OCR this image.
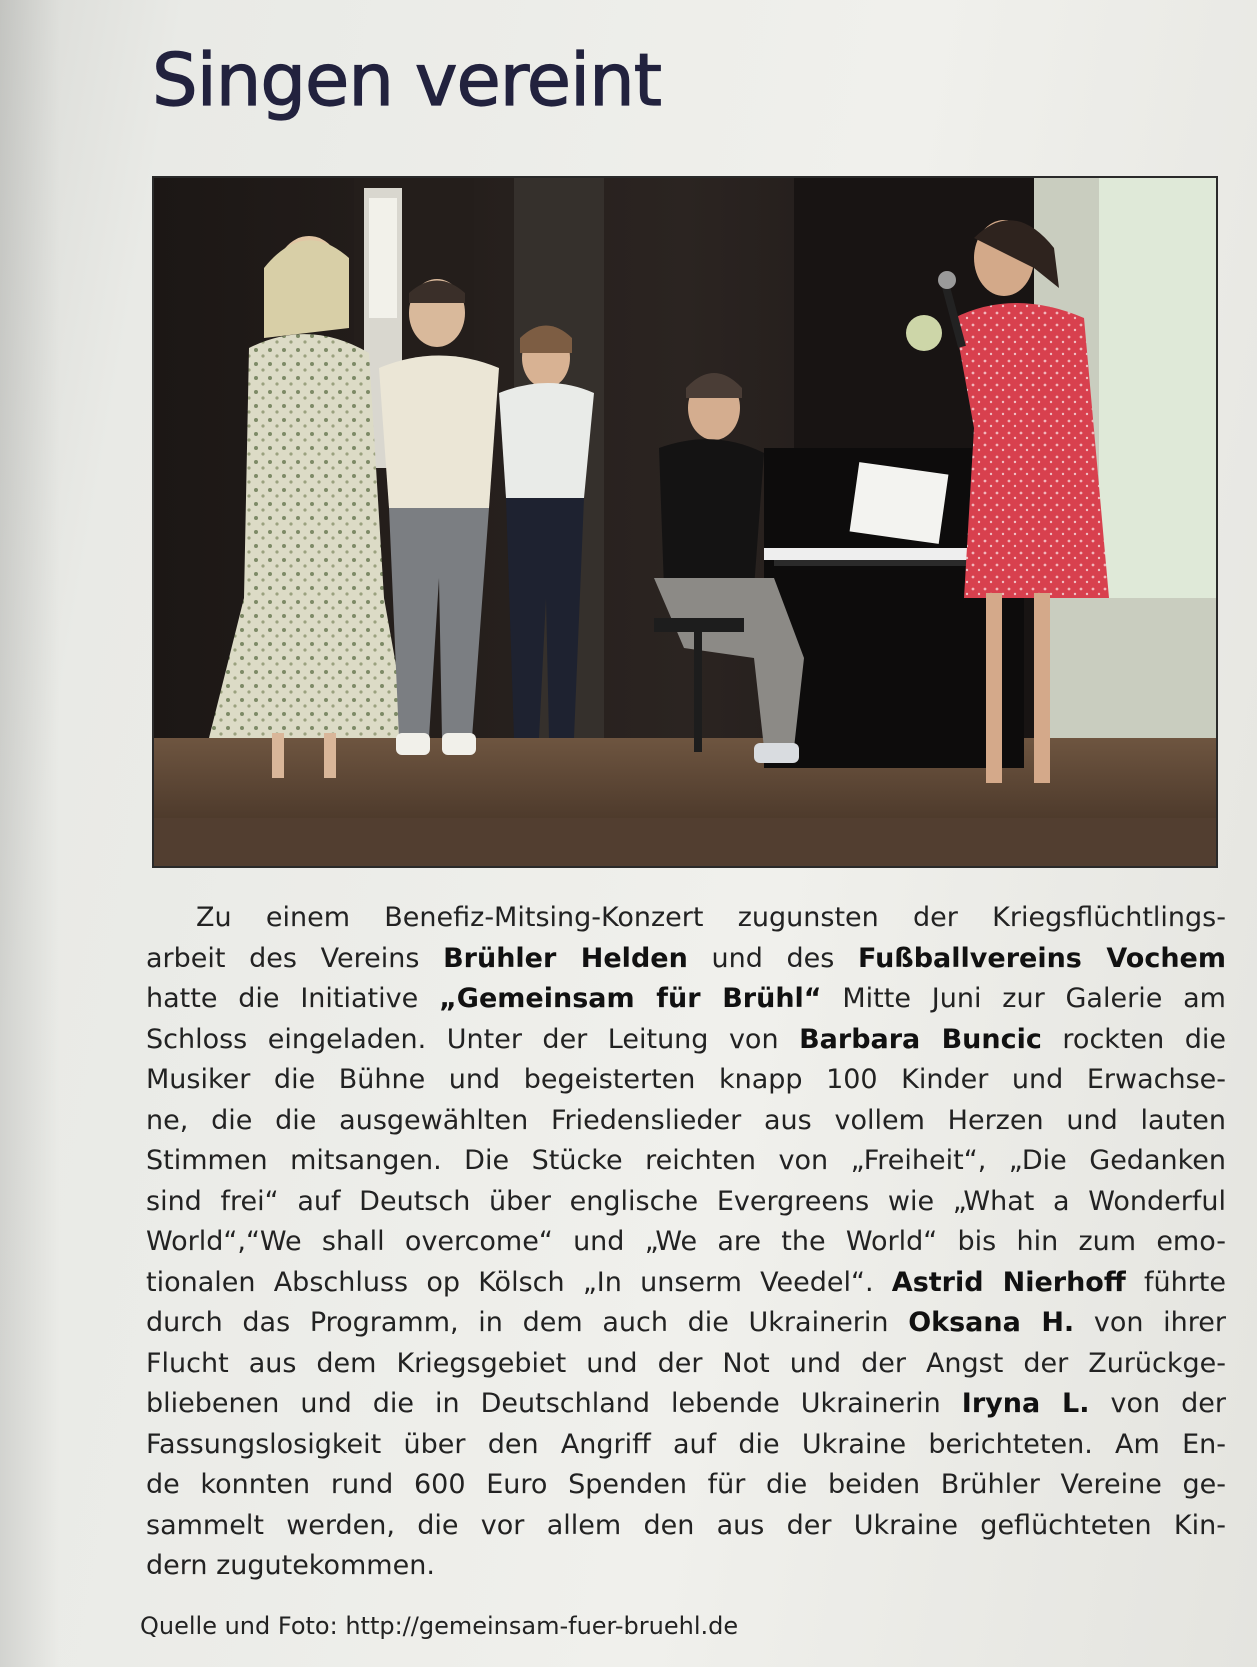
Singen vereint
Zu einem Benefiz-Mitsing-Konzert zugunsten der Kriegsflüchtlings-
arbeit des Vereins Brühler Helden und des Fußballvereins Vochem
hatte die Initiative „Gemeinsam für Brühl“ Mitte Juni zur Galerie am
Schloss eingeladen. Unter der Leitung von Barbara Buncic rockten die
Musiker die Bühne und begeisterten knapp 100 Kinder und Erwachse-
ne, die die ausgewählten Friedenslieder aus vollem Herzen und lauten
Stimmen mitsangen. Die Stücke reichten von „Freiheit“, „Die Gedanken
sind frei“ auf Deutsch über englische Evergreens wie „What a Wonderful
World“,“We shall overcome“ und „We are the World“ bis hin zum emo-
tionalen Abschluss op Kölsch „In unserm Veedel“. Astrid Nierhoff führte
durch das Programm, in dem auch die Ukrainerin Oksana H. von ihrer
Flucht aus dem Kriegsgebiet und der Not und der Angst der Zurückge-
bliebenen und die in Deutschland lebende Ukrainerin Iryna L. von der
Fassungslosigkeit über den Angriff auf die Ukraine berichteten. Am En-
de konnten rund 600 Euro Spenden für die beiden Brühler Vereine ge-
sammelt werden, die vor allem den aus der Ukraine geflüchteten Kin-
dern zugutekommen.
Quelle und Foto: http://gemeinsam-fuer-bruehl.de
